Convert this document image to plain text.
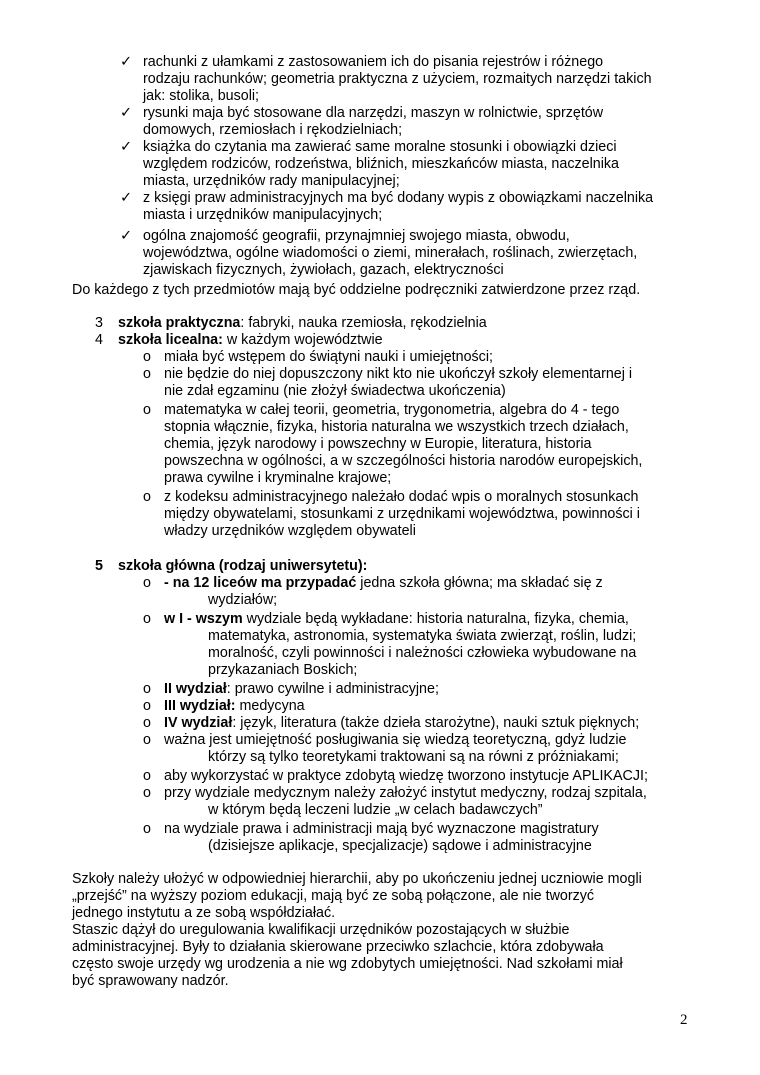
✓ rachunki z ułamkami z zastosowaniem ich do pisania rejestrów i różnego
rodzaju rachunków; geometria praktyczna z użyciem, rozmaitych narzędzi takich
jak: stolika, busoli;
✓ rysunki maja być stosowane dla narzędzi, maszyn w rolnictwie, sprzętów
domowych, rzemiosłach i rękodzielniach;
✓ książka do czytania ma zawierać same moralne stosunki i obowiązki dzieci
względem rodziców, rodzeństwa, bliźnich, mieszkańców miasta, naczelnika
miasta, urzędników rady manipulacyjnej;
✓ z księgi praw administracyjnych ma być dodany wypis z obowiązkami naczelnika
miasta i urzędników manipulacyjnych;
✓ ogólna znajomość geografii, przynajmniej swojego miasta, obwodu,
województwa, ogólne wiadomości o ziemi, minerałach, roślinach, zwierzętach,
zjawiskach fizycznych, żywiołach, gazach, elektryczności
Do każdego z tych przedmiotów mają być oddzielne podręczniki zatwierdzone przez rząd.
3 szkoła praktyczna: fabryki, nauka rzemiosła, rękodzielnia
4 szkoła licealna: w każdym województwie
o miała być wstępem do świątyni nauki i umiejętności;
o nie będzie do niej dopuszczony nikt kto nie ukończył szkoły elementarnej i
nie zdał egzaminu (nie złożył świadectwa ukończenia)
o matematyka w całej teorii, geometria, trygonometria, algebra do 4 - tego
stopnia włącznie, fizyka, historia naturalna we wszystkich trzech działach,
chemia, język narodowy i powszechny w Europie, literatura, historia
powszechna w ogólności, a w szczególności historia narodów europejskich,
prawa cywilne i kryminalne krajowe;
o z kodeksu administracyjnego należało dodać wpis o moralnych stosunkach
między obywatelami, stosunkami z urzędnikami województwa, powinności i
władzy urzędników względem obywateli
5 szkoła główna (rodzaj uniwersytetu):
o - na 12 liceów ma przypadać jedna szkoła główna; ma składać się z
wydziałów;
o w I - wszym wydziale będą wykładane: historia naturalna, fizyka, chemia,
matematyka, astronomia, systematyka świata zwierząt, roślin, ludzi;
moralność, czyli powinności i należności człowieka wybudowane na
przykazaniach Boskich;
o II wydział: prawo cywilne i administracyjne;
o III wydział: medycyna
o IV wydział: język, literatura (także dzieła starożytne), nauki sztuk pięknych;
o ważna jest umiejętność posługiwania się wiedzą teoretyczną, gdyż ludzie
którzy są tylko teoretykami traktowani są na równi z próżniakami;
o aby wykorzystać w praktyce zdobytą wiedzę tworzono instytucje APLIKACJI;
o przy wydziale medycznym należy założyć instytut medyczny, rodzaj szpitala,
w którym będą leczeni ludzie „w celach badawczych”
o na wydziale prawa i administracji mają być wyznaczone magistratury
(dzisiejsze aplikacje, specjalizacje) sądowe i administracyjne
Szkoły należy ułożyć w odpowiedniej hierarchii, aby po ukończeniu jednej uczniowie mogli
„przejść” na wyższy poziom edukacji, mają być ze sobą połączone, ale nie tworzyć
jednego instytutu a ze sobą współdziałać.
Staszic dążył do uregulowania kwalifikacji urzędników pozostających w służbie
administracyjnej. Były to działania skierowane przeciwko szlachcie, która zdobywała
często swoje urzędy wg urodzenia a nie wg zdobytych umiejętności. Nad szkołami miał
być sprawowany nadzór.
2
